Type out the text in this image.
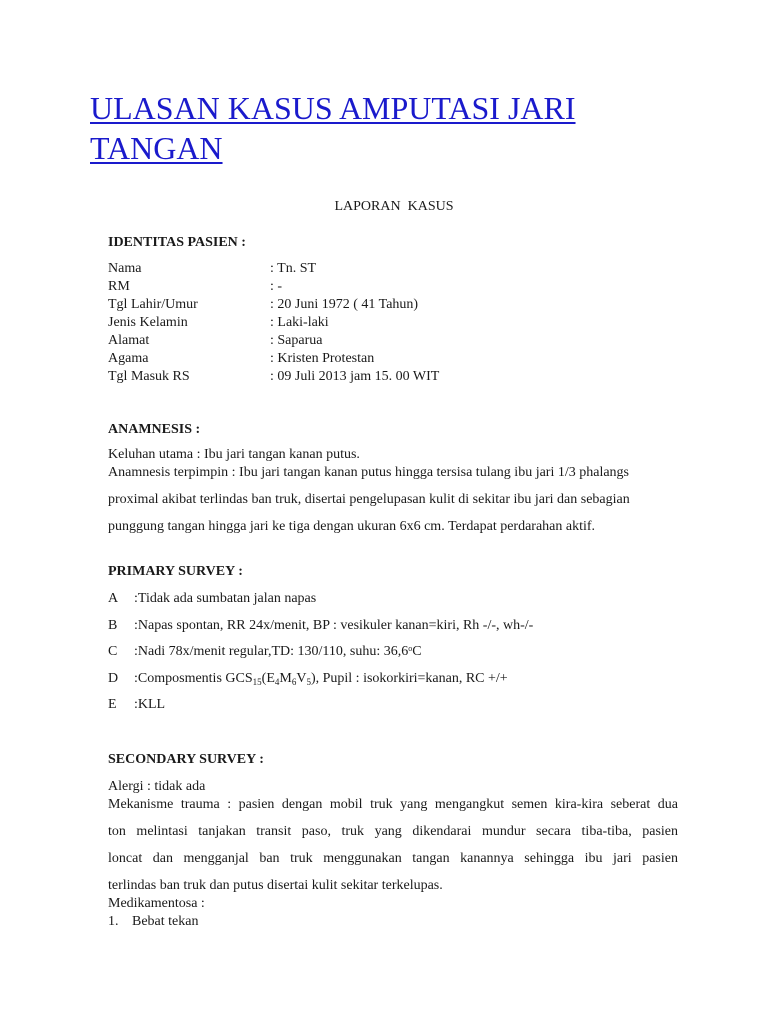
ULASAN KASUS AMPUTASI JARI
TANGAN

LAPORAN  KASUS

IDENTITAS PASIEN :

Nama	: Tn. ST
RM	: -
Tgl Lahir/Umur	: 20 Juni 1972 ( 41 Tahun)
Jenis Kelamin	: Laki-laki
Alamat	: Saparua
Agama	: Kristen Protestan
Tgl Masuk RS	: 09 Juli 2013 jam 15. 00 WIT

ANAMNESIS :

Keluhan utama : Ibu jari tangan kanan putus.
Anamnesis terpimpin : Ibu jari tangan kanan putus hingga tersisa tulang ibu jari 1/3 phalangs
proximal akibat terlindas ban truk, disertai pengelupasan kulit di sekitar ibu jari dan sebagian
punggung tangan hingga jari ke tiga dengan ukuran 6x6 cm. Terdapat perdarahan aktif.

PRIMARY SURVEY :

A	:Tidak ada sumbatan jalan napas
B	:Napas spontan, RR 24x/menit, BP : vesikuler kanan=kiri, Rh -/-, wh-/-
C	:Nadi 78x/menit regular,TD: 130/110, suhu: 36,6$^o$C
D	:Composmentis $GCS_{15}(E_4M_6V_5)$, Pupil : isokorkiri=kanan, RC +/+
E	:KLL

SECONDARY SURVEY :

Alergi : tidak ada
Mekanisme trauma : pasien dengan mobil truk yang mengangkut semen kira-kira seberat dua
ton melintasi tanjakan transit paso, truk yang dikendarai mundur secara tiba-tiba, pasien
loncat dan mengganjal ban truk menggunakan tangan kanannya sehingga ibu jari pasien
terlindas ban truk dan putus disertai kulit sekitar terkelupas.
Medikamentosa :
1. Bebat tekan
